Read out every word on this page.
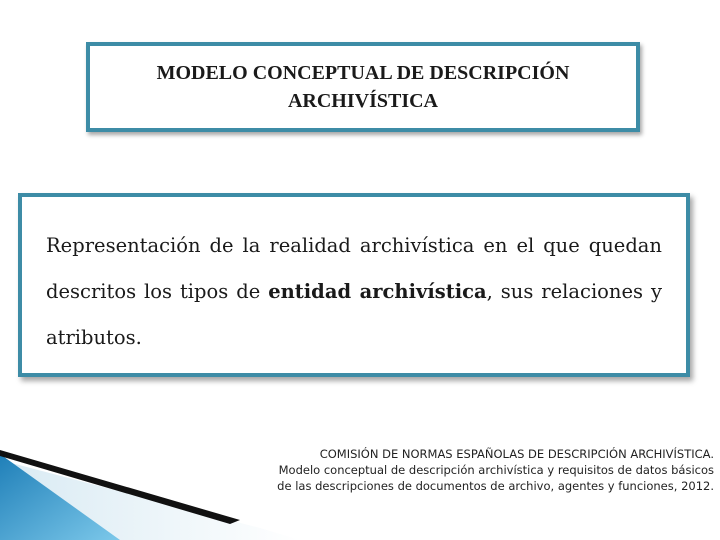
MODELO CONCEPTUAL DE DESCRIPCIÓN
ARCHIVÍSTICA

Representación de la realidad archivística en el que quedan descritos los tipos de entidad archivística, sus relaciones y atributos.

COMISIÓN DE NORMAS ESPAÑOLAS DE DESCRIPCIÓN ARCHIVÍSTICA.
Modelo conceptual de descripción archivística y requisitos de datos básicos
de las descripciones de documentos de archivo, agentes y funciones, 2012.
